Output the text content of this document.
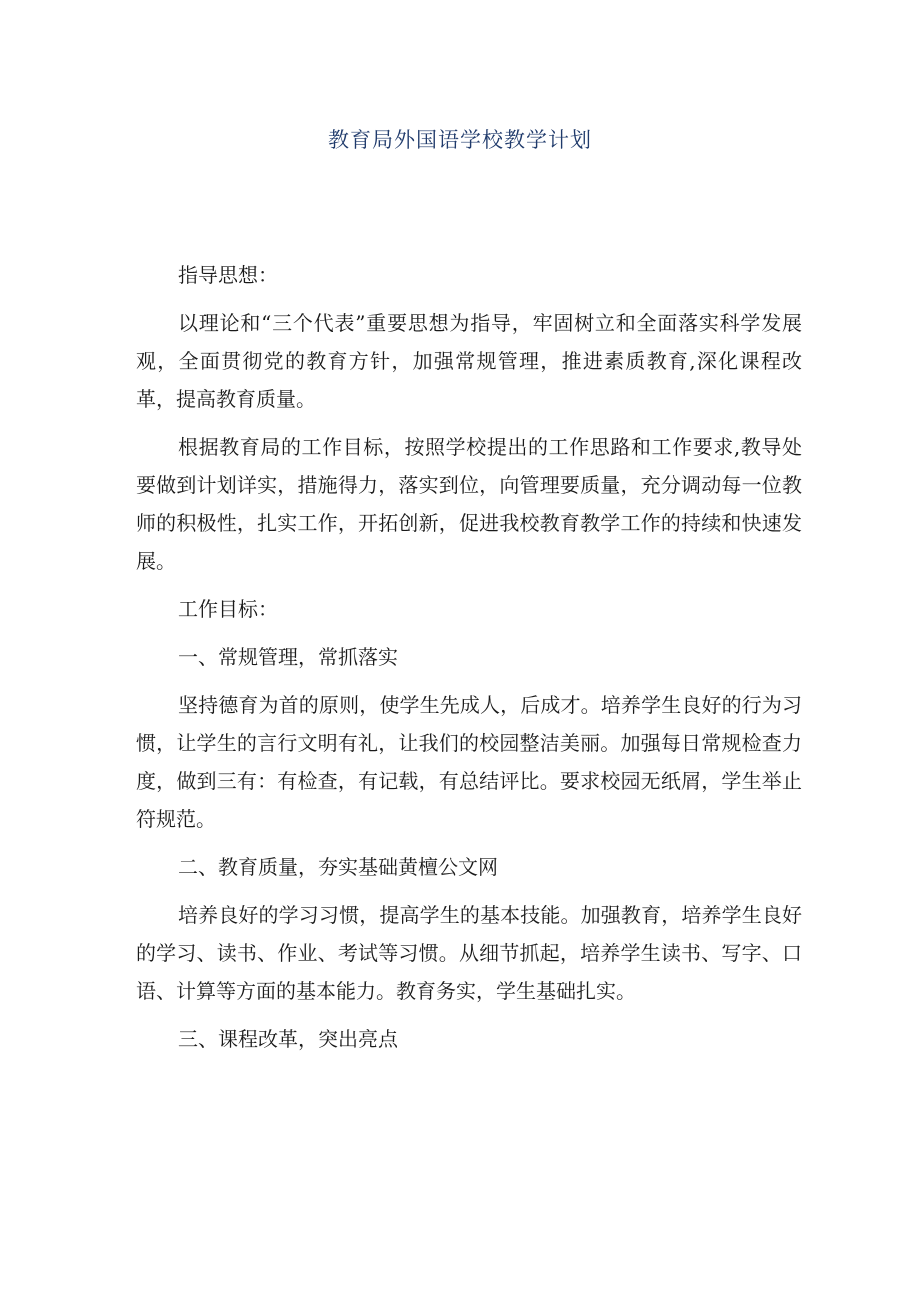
教育局外国语学校教学计划

指导思想：

以理论和“三个代表”重要思想为指导，牢固树立和全面落实科学发展观，全面贯彻党的教育方针，加强常规管理，推进素质教育,深化课程改革，提高教育质量。

根据教育局的工作目标，按照学校提出的工作思路和工作要求,教导处要做到计划详实，措施得力，落实到位，向管理要质量，充分调动每一位教师的积极性，扎实工作，开拓创新，促进我校教育教学工作的持续和快速发展。

工作目标：

一、常规管理，常抓落实

坚持德育为首的原则，使学生先成人，后成才。培养学生良好的行为习惯，让学生的言行文明有礼，让我们的校园整洁美丽。加强每日常规检查力度，做到三有：有检查，有记载，有总结评比。要求校园无纸屑，学生举止符规范。

二、教育质量，夯实基础黄檀公文网

培养良好的学习习惯，提高学生的基本技能。加强教育，培养学生良好的学习、读书、作业、考试等习惯。从细节抓起，培养学生读书、写字、口语、计算等方面的基本能力。教育务实，学生基础扎实。

三、课程改革，突出亮点
